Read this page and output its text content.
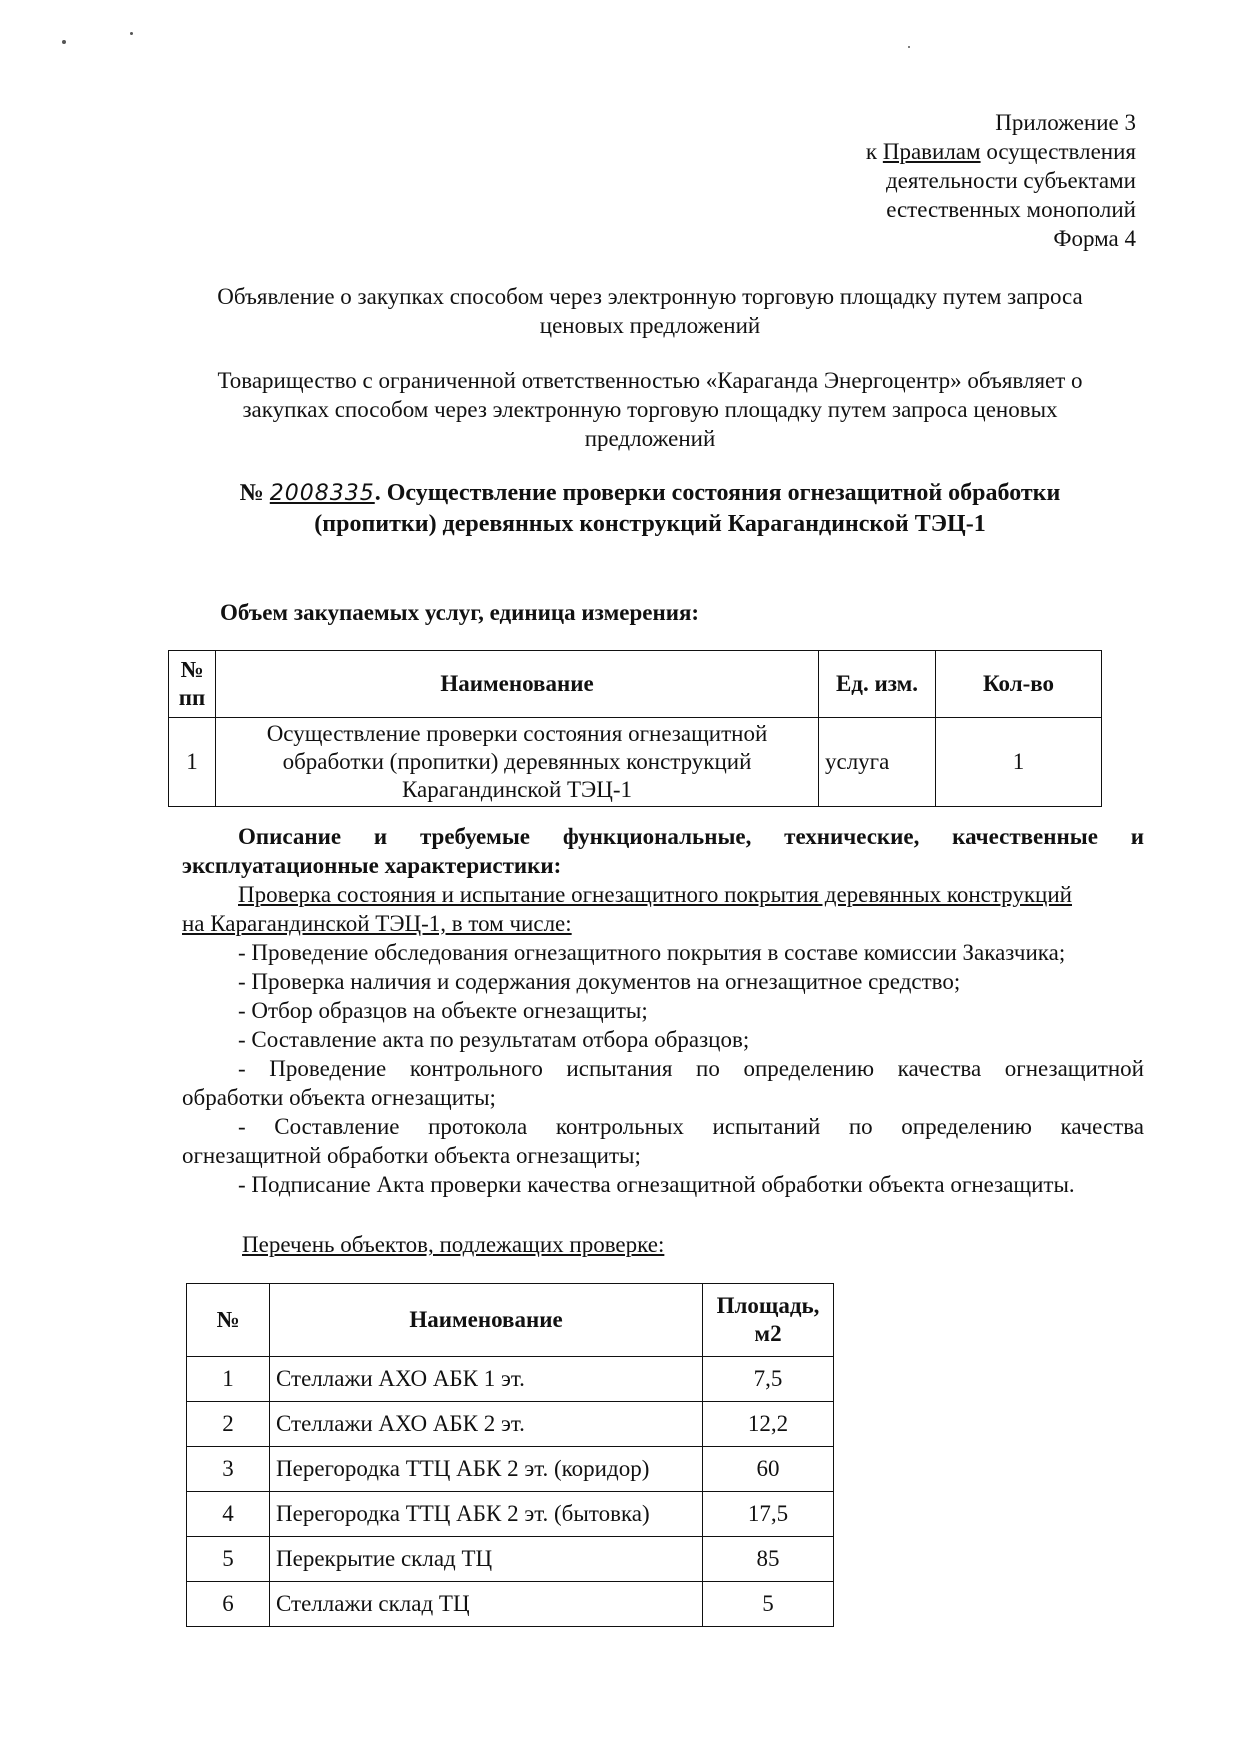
Приложение 3
к Правилам осуществления
деятельности субъектами
естественных монополий
Форма 4
Объявление о закупках способом через электронную торговую площадку путем запроса
ценовых предложений
Товарищество с ограниченной ответственностью «Караганда Энергоцентр» объявляет о
закупках способом через электронную торговую площадку путем запроса ценовых
предложений
№ 2008335. Осуществление проверки состояния огнезащитной обработки
(пропитки) деревянных конструкций Карагандинской ТЭЦ-1
Объем закупаемых услуг, единица измерения:
№ пп	Наименование	Ед. изм.	Кол-во
1	Осуществление проверки состояния огнезащитной обработки (пропитки) деревянных конструкций Карагандинской ТЭЦ-1	услуга	1

Описание и требуемые функциональные, технические, качественные и

эксплуатационные характеристики:

Проверка состояния и испытание огнезащитного покрытия деревянных конструкций

на Карагандинской ТЭЦ-1, в том числе:

- Проведение обследования огнезащитного покрытия в составе комиссии Заказчика;

- Проверка наличия и содержания документов на огнезащитное средство;

- Отбор образцов на объекте огнезащиты;

- Составление акта по результатам отбора образцов;

- Проведение контрольного испытания по определению качества огнезащитной

обработки объекта огнезащиты;

- Составление протокола контрольных испытаний по определению качества

огнезащитной обработки объекта огнезащиты;

- Подписание Акта проверки качества огнезащитной обработки объекта огнезащиты.

Перечень объектов, подлежащих проверке:
№	Наименование	Площадь, м2
1	Стеллажи АХО АБК 1 эт.	7,5
2	Стеллажи АХО АБК 2 эт.	12,2
3	Перегородка ТТЦ АБК 2 эт. (коридор)	60
4	Перегородка ТТЦ АБК 2 эт. (бытовка)	17,5
5	Перекрытие склад ТЦ	85
6	Стеллажи склад ТЦ	5
